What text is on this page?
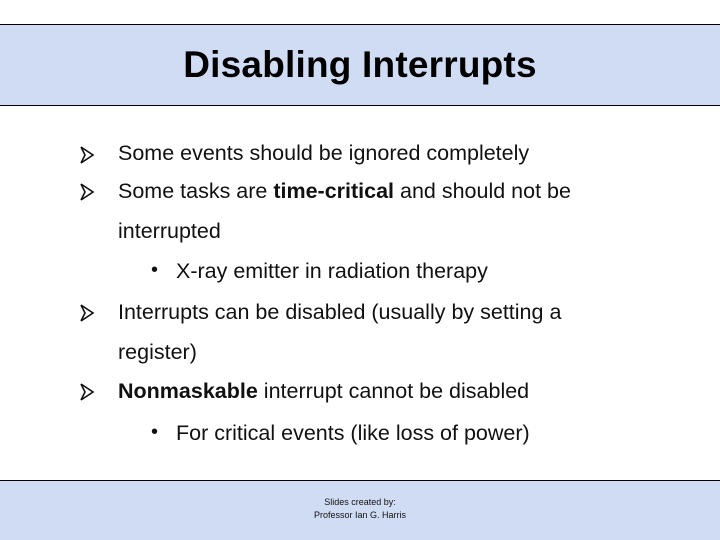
Disabling Interrupts
Some events should be ignored completely
Some tasks are time-critical and should not be
interrupted
• X-ray emitter in radiation therapy
Interrupts can be disabled (usually by setting a
register)
Nonmaskable interrupt cannot be disabled
• For critical events (like loss of power)
Slides created by:
Professor Ian G. Harris
